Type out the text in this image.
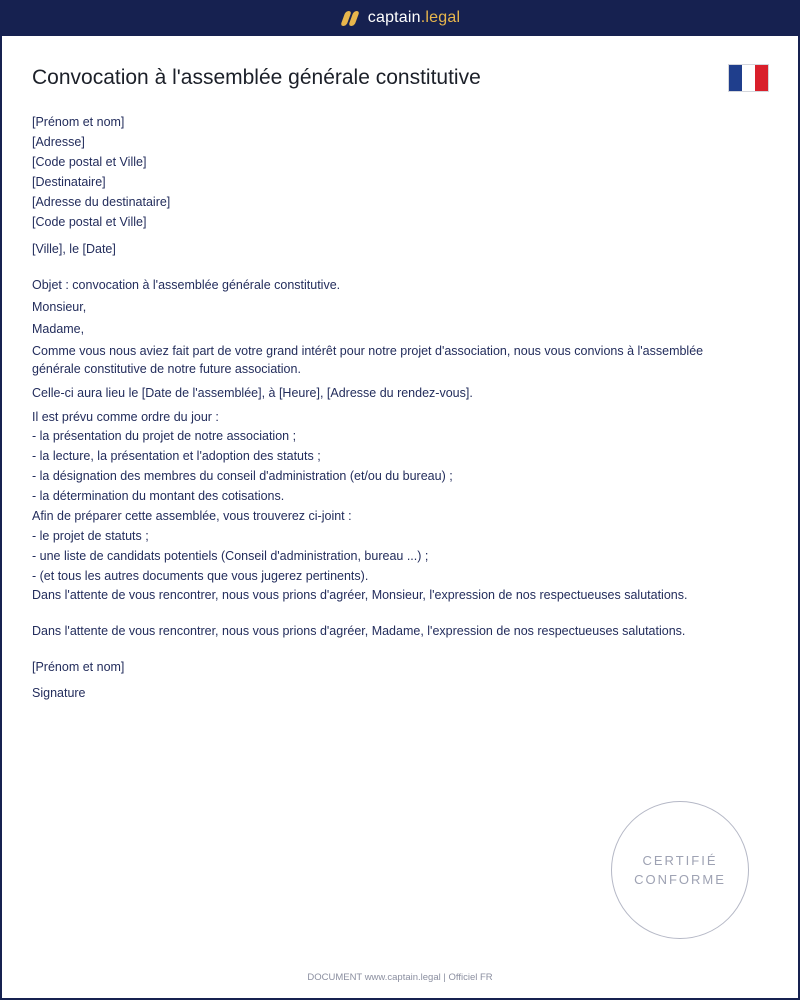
captain.legal
Convocation à l'assemblée générale constitutive

[Prénom et nom]

[Adresse]

[Code postal et Ville]

[Destinataire]

[Adresse du destinataire]

[Code postal et Ville]

[Ville], le [Date]

Objet : convocation à l'assemblée générale constitutive.

Monsieur,

Madame,

Comme vous nous aviez fait part de votre grand intérêt pour notre projet d'association, nous vous convions à l'assemblée générale constitutive de notre future association.

Celle-ci aura lieu le [Date de l'assemblée], à [Heure], [Adresse du rendez-vous].

Il est prévu comme ordre du jour :

- la présentation du projet de notre association ;

- la lecture, la présentation et l'adoption des statuts ;

- la désignation des membres du conseil d'administration (et/ou du bureau) ;

- la détermination du montant des cotisations.

Afin de préparer cette assemblée, vous trouverez ci-joint :

- le projet de statuts ;

- une liste de candidats potentiels (Conseil d'administration, bureau ...) ;

- (et tous les autres documents que vous jugerez pertinents).

Dans l'attente de vous rencontrer, nous vous prions d'agréer, Monsieur, l'expression de nos respectueuses salutations.

Dans l'attente de vous rencontrer, nous vous prions d'agréer, Madame, l'expression de nos respectueuses salutations.

[Prénom et nom]

Signature

CERTIFIÉ
CONFORME
DOCUMENT www.captain.legal | Officiel FR
